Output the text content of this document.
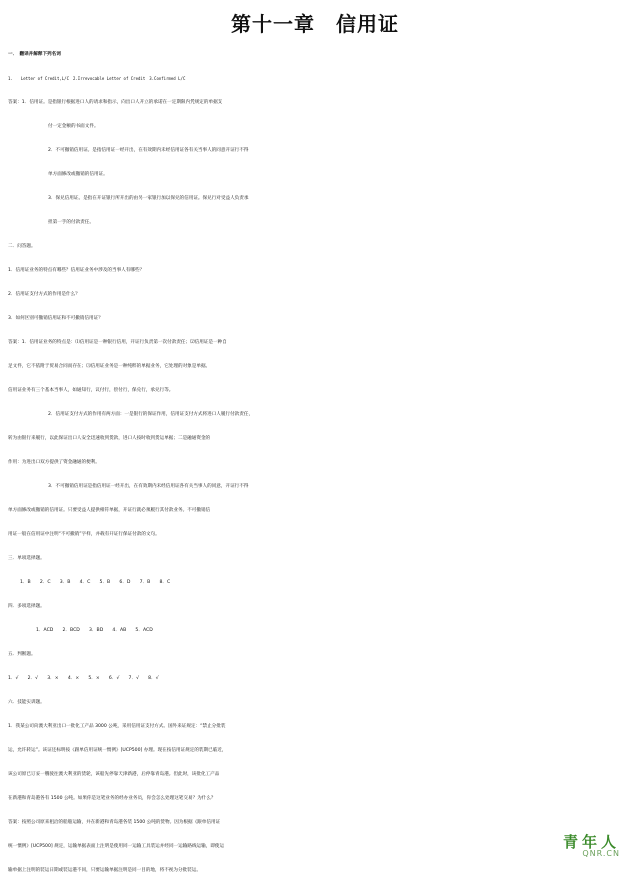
第十一章　信用证
一．　翻译并解释下列名词
1.　　Letter of Credit,L/C　2.Irrevocable Letter of Credit　3.Confirmed L/C
答案：1．信用证。是指银行根据进口人的请求和指示，向出口人开立的承诺在一定期限内凭规定的单据支
付一定金额的书面文件。
2．不可撤销信用证。是指信用证一经开出，在有效期内未经信用证各有关当事人的同意开证行不得
单方面修改或撤销的信用证。
3．保兑信用证。是指在开证银行所开出的由另一家银行加以保兑的信用证。保兑行对受益人负责承
担第一手的付款责任。
二．问答题。
1．信用证业务的特点有哪些？信用证业务中涉及的当事人有哪些？
2．信用证支付方式的作用是什么？
3．如何区别可撤销信用证和不可撤销信用证？
答案：1．信用证业务的特点是：⑴信用证是一种银行信用，开证行负责第一次付款责任；⑵信用证是一种自
足文件，它不依附于贸易合同而存在；⑶信用证业务是一种纯粹的单据业务，它处理的对象是单据。
信用证业务有三个基本当事人，如通知行，议付行，偿付行，保兑行，承兑行等。
2．信用证支付方式的作用有两方面：一是银行的保证作用，信用证支付方式将进口人履行付款责任，
转为由银行来履行，以此保证出口人安全迅速收到货款，进口人按时收到货运单据；二是融通资金的
作用：为进出口双方提供了资金融通的便利。
3．不可撤销信用证是指信用证一经开出，在有效期内未经信用证各有关当事人的同意，开证行不得
单方面修改或撤销的信用证。只要受益人提供相符单据，开证行就必须履行其付款业务。不可撤销信
用证一般在信用证中注明“不可撤销”字样，并载有开证行保证付款的文句。
三．单项选择题。
1．B　　2．C　　3．B　　4．C　　5．B　　6．D　　7．B　　8．C
四．多项选择题。
1．ACD　　2．BCD　　3．BD　　4．AB　　5．ACD
五．判断题。
1．√　　2．√　　3．×　　4．×　　5．×　　6．√　　7．√　　8．√
六．技能实训题。
1．我某公司向澳大利亚出口一批化工产品 3000 公吨，采用信用证支付方式。国外来证规定：“禁止分批装
运，允许转运”。该证还标明按《跟单信用证统一惯例》[UCP500] 办理。现在按信用证规定的装期已临近，
该公司原已订妥一艘驶往澳大利亚的货轮，该船先停靠天津新港，后停靠青岛港。但此时，该批化工产品
在新港和青岛港各有 1500 公吨。如果你是这笔业务的经办业务员，你会怎么处理这笔交易？为什么？
答案：按照公司原来租洽的船舶运输，并在新港和青岛港各装 1500 公吨的货物。因为根据《跟单信用证
统一惯例》[UCP500] 规定，运输单据表面上注明是使用同一运输工具装运并经同一运输路线运输，即使运
输单据上注明的装运日期或装运港不同，只要运输单据注明是同一目的地，将不视为分批装运。
青年人
QNR.CN
